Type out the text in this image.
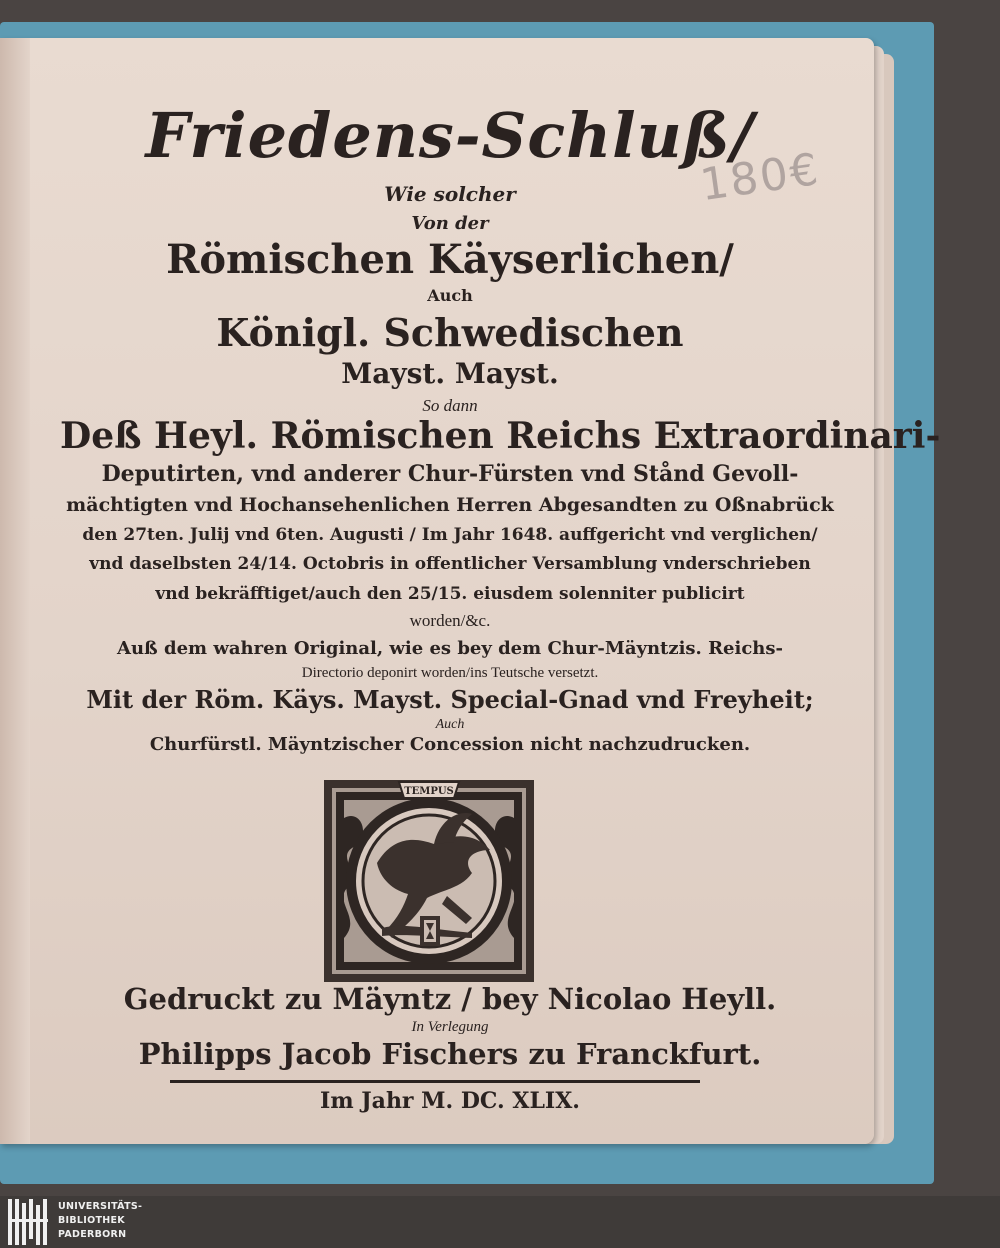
Friedens-Schluß/
180€
Wie solcher
Von der
Römischen Käyserlichen/
Auch
Königl. Schwedischen
Mayst. Mayst.
So dann
Deß Heyl. Römischen Reichs Extraordinari-
Deputirten, vnd anderer Chur-Fürsten vnd Stånd Gevoll-
mächtigten vnd Hochansehenlichen Herren Abgesandten zu Oßnabrück
den 27ten. Julij vnd 6ten. Augusti / Im Jahr 1648. auffgericht vnd verglichen/
vnd daselbsten 24/14. Octobris in offentlicher Versamblung vnderschrieben
vnd bekräfftiget/auch den 25/15. eiusdem solenniter publicirt
worden/&c.
Auß dem wahren Original, wie es bey dem Chur-Mäyntzis. Reichs-
Directorio deponirt worden/ins Teutsche versetzt.
Mit der Röm. Käys. Mayst. Special-Gnad vnd Freyheit;
Auch
Churfürstl. Mäyntzischer Concession nicht nachzudrucken.
TEMPUS
Gedruckt zu Mäyntz / bey Nicolao Heyll.
In Verlegung
Philipps Jacob Fischers zu Franckfurt.
Im Jahr M. DC. XLIX.
UNIVERSITÄTS-
BIBLIOTHEK
PADERBORN
